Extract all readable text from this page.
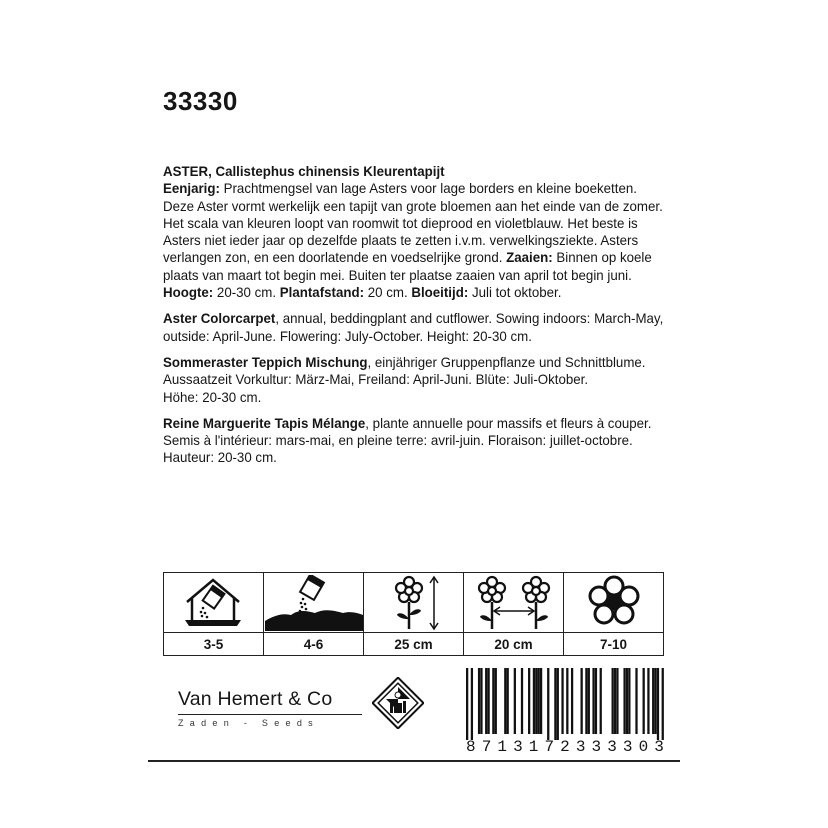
33330
ASTER, Callistephus chinensis Kleurentapijt
Eenjarig: Prachtmengsel van lage Asters voor lage borders en kleine boeketten.
Deze Aster vormt werkelijk een tapijt van grote bloemen aan het einde van de zomer.
Het scala van kleuren loopt van roomwit tot dieprood en violetblauw. Het beste is
Asters niet ieder jaar op dezelfde plaats te zetten i.v.m. verwelkingsziekte. Asters
verlangen zon, en een doorlatende en voedselrijke grond. Zaaien: Binnen op koele
plaats van maart tot begin mei. Buiten ter plaatse zaaien van april tot begin juni.
Hoogte: 20-30 cm. Plantafstand: 20 cm. Bloeitijd: Juli tot oktober.
Aster Colorcarpet, annual, beddingplant and cutflower. Sowing indoors: March-May,
outside: April-June. Flowering: July-October. Height: 20-30 cm.
Sommeraster Teppich Mischung, einjähriger Gruppenpflanze und Schnittblume.
Aussaatzeit Vorkultur: März-Mai, Freiland: April-Juni. Blüte: Juli-Oktober.
Höhe: 20-30 cm.
Reine Marguerite Tapis Mélange, plante annuelle pour massifs et fleurs à couper.
Semis à l'intérieur: mars-mai, en pleine terre: avril-juin. Floraison: juillet-octobre.
Hauteur: 20-30 cm.
3-5	4-6	25 cm	20 cm	7-10
Van Hemert & Co
Zaden - Seeds
8 7 1 3 1 7 2 3 3 3 3 0 3
